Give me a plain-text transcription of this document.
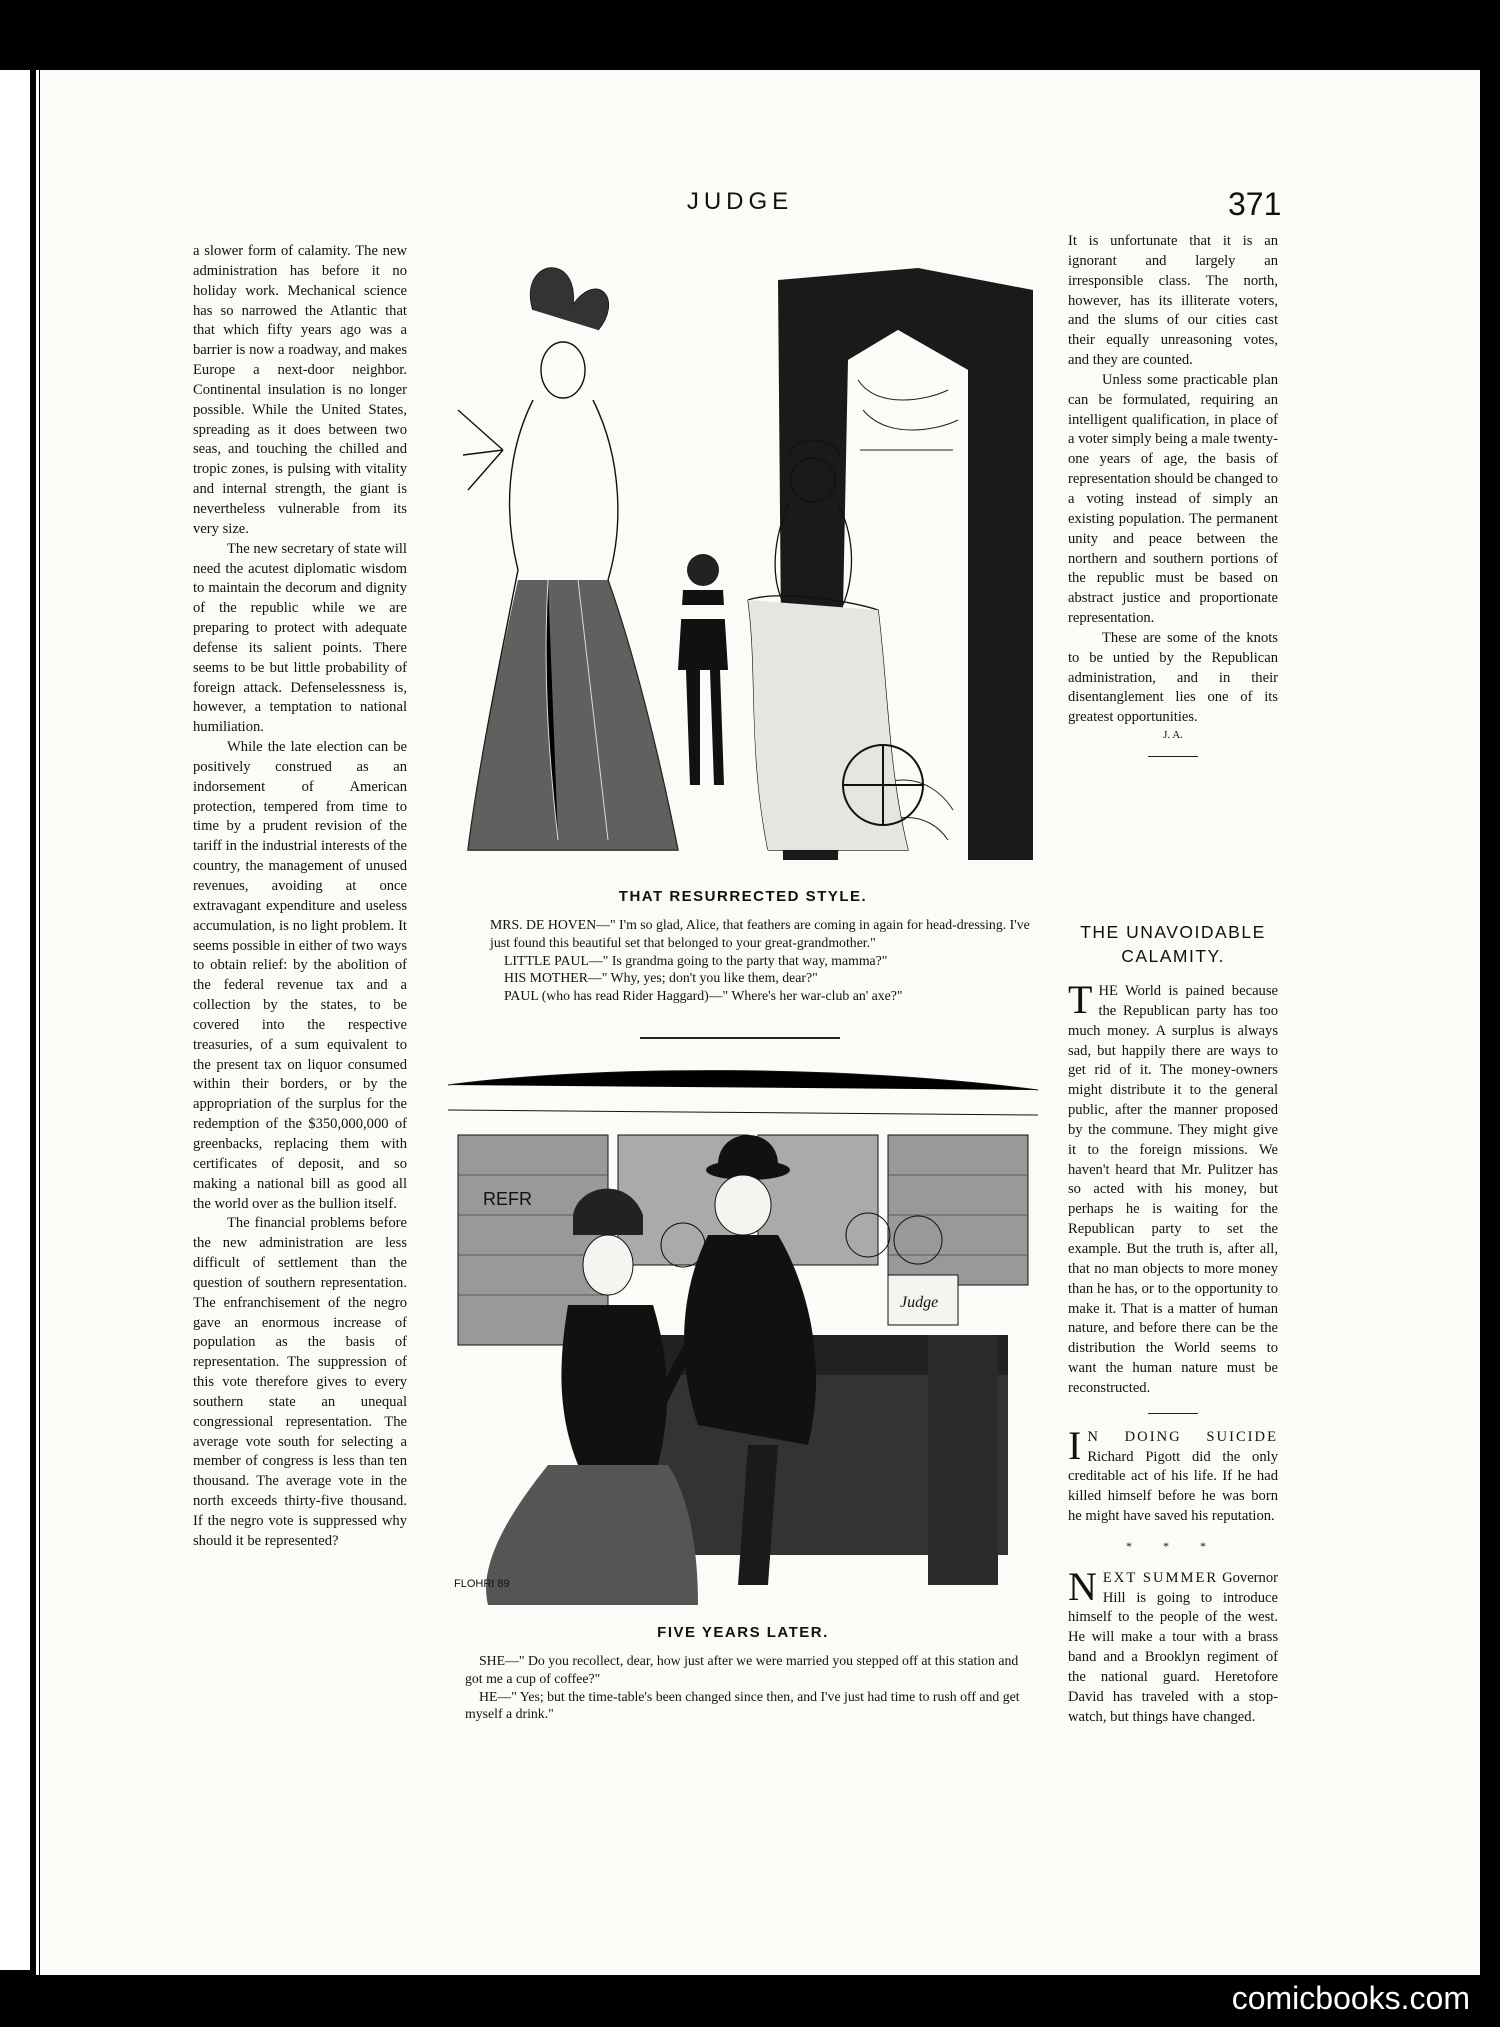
JUDGE	371

a slower form of calamity. The new administration has before it no holiday work. Mechanical science has so narrowed the Atlantic that that which fifty years ago was a barrier is now a roadway, and makes Europe a next-door neighbor. Continental insulation is no longer possible. While the United States, spreading as it does between two seas, and touching the chilled and tropic zones, is pulsing with vitality and internal strength, the giant is nevertheless vulnerable from its very size.

The new secretary of state will need the acutest diplomatic wisdom to maintain the decorum and dignity of the republic while we are preparing to protect with adequate defense its salient points. There seems to be but little probability of foreign attack. Defenselessness is, however, a temptation to national humiliation.

While the late election can be positively construed as an indorsement of American protection, tempered from time to time by a prudent revision of the tariff in the industrial interests of the country, the management of unused revenues, avoiding at once extravagant expenditure and useless accumulation, is no light problem. It seems possible in either of two ways to obtain relief: by the abolition of the federal revenue tax and a collection by the states, to be covered into the respective treasuries, of a sum equivalent to the present tax on liquor consumed within their borders, or by the appropriation of the surplus for the redemption of the $350,000,000 of greenbacks, replacing them with certificates of deposit, and so making a national bill as good all the world over as the bullion itself.

The financial problems before the new administration are less difficult of settlement than the question of southern representation. The enfranchisement of the negro gave an enormous increase of population as the basis of representation. The suppression of this vote therefore gives to every southern state an unequal congressional representation. The average vote south for selecting a member of congress is less than ten thousand. The average vote in the north exceeds thirty-five thousand. If the negro vote is suppressed why should it be represented?

It is unfortunate that it is an ignorant and largely an irresponsible class. The north, however, has its illiterate voters, and the slums of our cities cast their equally unreasoning votes, and they are counted.

Unless some practicable plan can be formulated, requiring an intelligent qualification, in place of a voter simply being a male twenty-one years of age, the basis of representation should be changed to a voting instead of simply an existing population. The permanent unity and peace between the northern and southern portions of the republic must be based on abstract justice and proportionate representation.

These are some of the knots to be untied by the Republican administration, and in their disentanglement lies one of its greatest opportunities.

J. A.
THE UNAVOIDABLE CALAMITY.

THE World is pained because the Republican party has too much money. A surplus is always sad, but happily there are ways to get rid of it. The money-owners might distribute it to the general public, after the manner proposed by the commune. They might give it to the foreign missions. We haven't heard that Mr. Pulitzer has so acted with his money, but perhaps he is waiting for the Republican party to set the example. But the truth is, after all, that no man objects to more money than he has, or to the opportunity to make it. That is a matter of human nature, and before there can be the distribution the World seems to want the human nature must be reconstructed.

I N DOING SUICIDE Richard Pigott did the only creditable act of his life. If he had killed himself before he was born he might have saved his reputation.

* * *

NEXT SUMMER Governor Hill is going to introduce himself to the people of the west. He will make a tour with a brass band and a Brooklyn regiment of the national guard. Heretofore David has traveled with a stop-watch, but things have changed.

THAT RESURRECTED STYLE.

MRS. DE HOVEN—" I'm so glad, Alice, that feathers are coming in again for head-dressing. I've just found this beautiful set that belonged to your great-grandmother."

LITTLE PAUL—" Is grandma going to the party that way, mamma?"

HIS MOTHER—" Why, yes; don't you like them, dear?"

PAUL (who has read Rider Haggard)—" Where's her war-club an' axe?"

REFR
Judge
FLOHRI 89
FIVE YEARS LATER.

SHE—" Do you recollect, dear, how just after we were married you stepped off at this station and got me a cup of coffee?"

HE—" Yes; but the time-table's been changed since then, and I've just had time to rush off and get myself a drink."

comicbooks.com
